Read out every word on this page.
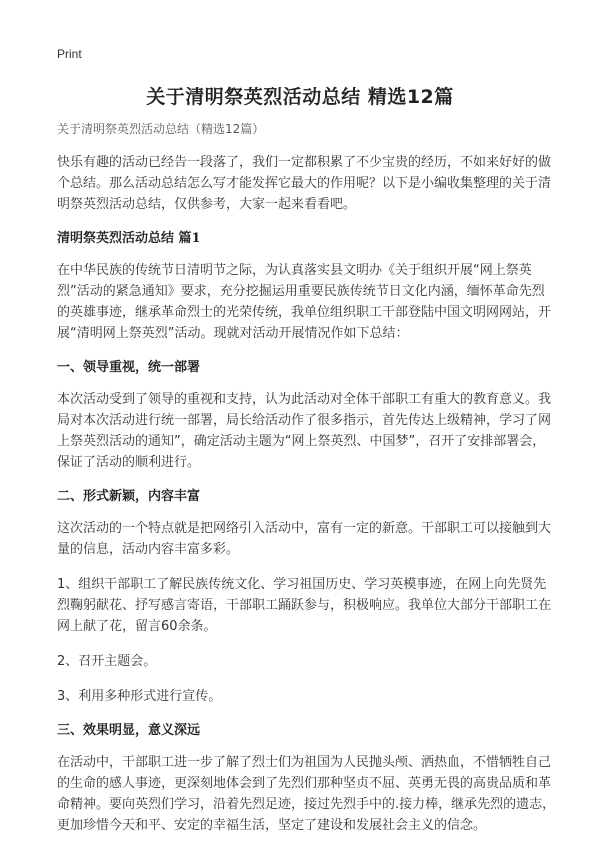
Print
关于清明祭英烈活动总结 精选12篇

关于清明祭英烈活动总结（精选12篇）

快乐有趣的活动已经告一段落了，我们一定都积累了不少宝贵的经历，不如来好好的做个总结。那么活动总结怎么写才能发挥它最大的作用呢？以下是小编收集整理的关于清明祭英烈活动总结，仅供参考，大家一起来看看吧。

清明祭英烈活动总结 篇1

在中华民族的传统节日清明节之际，为认真落实县文明办《关于组织开展“网上祭英烈”活动的紧急通知》要求，充分挖掘运用重要民族传统节日文化内涵，缅怀革命先烈的英雄事迹，继承革命烈士的光荣传统，我单位组织职工干部登陆中国文明网网站，开展“清明网上祭英烈”活动。现就对活动开展情况作如下总结：

一、领导重视，统一部署

本次活动受到了领导的重视和支持，认为此活动对全体干部职工有重大的教育意义。我局对本次活动进行统一部署，局长给活动作了很多指示，首先传达上级精神，学习了网上祭英烈活动的通知”，确定活动主题为“网上祭英烈、中国梦”，召开了安排部署会，保证了活动的顺利进行。

二、形式新颖，内容丰富

这次活动的一个特点就是把网络引入活动中，富有一定的新意。干部职工可以接触到大量的信息，活动内容丰富多彩。

1、组织干部职工了解民族传统文化、学习祖国历史、学习英模事迹，在网上向先贤先烈鞠躬献花、抒写感言寄语，干部职工踊跃参与，积极响应。我单位大部分干部职工在网上献了花，留言60余条。

2、召开主题会。

3、利用多种形式进行宣传。

三、效果明显，意义深远

在活动中，干部职工进一步了解了烈士们为祖国为人民抛头颅、洒热血，不惜牺牲自己的生命的感人事迹，更深刻地体会到了先烈们那种坚贞不屈、英勇无畏的高贵品质和革命精神。要向英烈们学习，沿着先烈足迹，接过先烈手中的.接力棒，继承先烈的遗志，更加珍惜今天和平、安定的幸福生活，坚定了建设和发展社会主义的信念。
